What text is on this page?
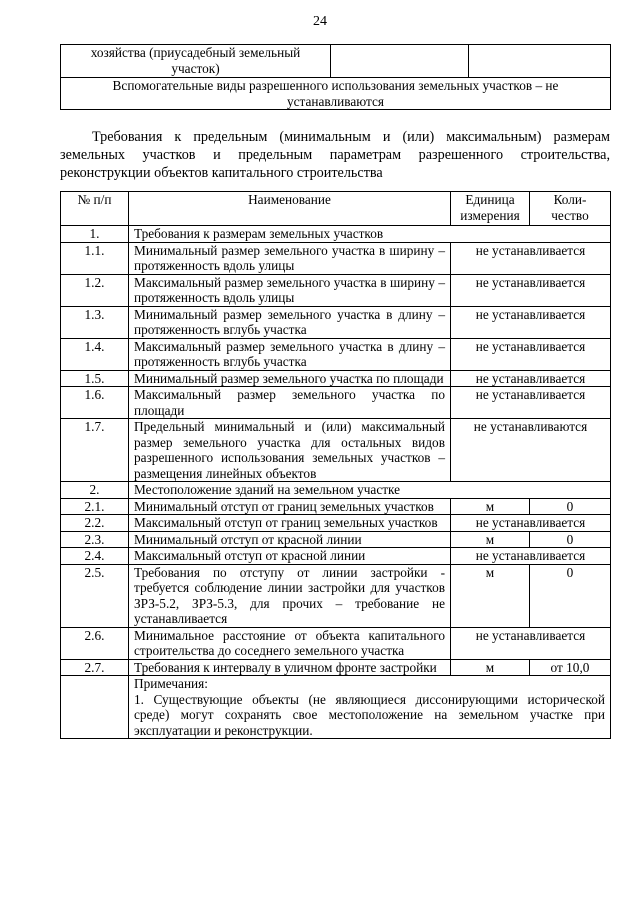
24
хозяйства (приусадебный земельный участок)		
Вспомогательные виды разрешенного использования земельных участков – не устанавливаются

Требования к предельным (минимальным и (или) максимальным) размерам земельных участков и предельным параметрам разрешенного строительства, реконструкции объектов капитального строительства

№ п/п	Наименование	Единица измерения	Коли-чество
1.	Требования к размерам земельных участков		
1.1.	Минимальный размер земельного участка в ширину – протяженность вдоль улицы	не устанавливается	
1.2.	Максимальный размер земельного участка в ширину – протяженность вдоль улицы	не устанавливается	
1.3.	Минимальный размер земельного участка в длину – протяженность вглубь участка	не устанавливается	
1.4.	Максимальный размер земельного участка в длину – протяженность вглубь участка	не устанавливается	
1.5.	Минимальный размер земельного участка по площади	не устанавливается	
1.6.	Максимальный размер земельного участка по площади	не устанавливается	
1.7.	Предельный минимальный и (или) максимальный размер земельного участка для остальных видов разрешенного использования земельных участков – размещения линейных объектов	не устанавливаются	
2.	Местоположение зданий на земельном участке		
2.1.	Минимальный отступ от границ земельных участков	м	0
2.2.	Максимальный отступ от границ земельных участков	не устанавливается	
2.3.	Минимальный отступ от красной линии	м	0
2.4.	Максимальный отступ от красной линии	не устанавливается	
2.5.	Требования по отступу от линии застройки - требуется соблюдение линии застройки для участков ЗРЗ-5.2, ЗРЗ-5.3, для прочих – требование не устанавливается	м	0
2.6.	Минимальное расстояние от объекта капитального строительства до соседнего земельного участка	не устанавливается	
2.7.	Требования к интервалу в уличном фронте застройки	м	от 10,0

	Примечания:
1. Существующие объекты (не являющиеся диссонирующими исторической среде) могут сохранять свое местоположение на земельном участке при эксплуатации и реконструкции.		
